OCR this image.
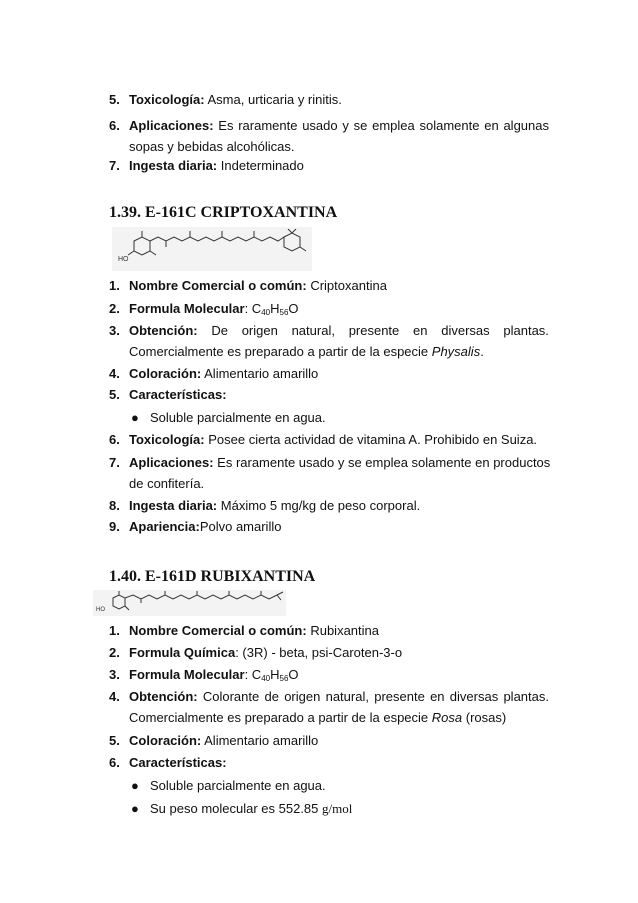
5. Toxicología: Asma, urticaria y rinitis.
6. Aplicaciones: Es raramente usado y se emplea solamente en algunas
sopas y bebidas alcohólicas.
7. Ingesta diaria: Indeterminado
1.39. E-161C CRIPTOXANTINA
HO
1. Nombre Comercial o común: Criptoxantina
2. Formula Molecular: $C_{40}H_{56}O$
3. Obtención: De origen natural, presente en diversas plantas.
Comercialmente es preparado a partir de la especie Physalis.
4. Coloración: Alimentario amarillo
5. Características:
● Soluble parcialmente en agua.
6. Toxicología: Posee cierta actividad de vitamina A. Prohibido en Suiza.
7. Aplicaciones: Es raramente usado y se emplea solamente en productos
de confitería.
8. Ingesta diaria: Máximo 5 mg/kg de peso corporal.
9. Apariencia:Polvo amarillo
1.40. E-161D RUBIXANTINA
HO
1. Nombre Comercial o común: Rubixantina
2. Formula Química: (3R) - beta, psi-Caroten-3-o
3. Formula Molecular: $C_{40}H_{56}O$
4. Obtención: Colorante de origen natural, presente en diversas plantas.
Comercialmente es preparado a partir de la especie Rosa (rosas)
5. Coloración: Alimentario amarillo
6. Características:
● Soluble parcialmente en agua.
● Su peso molecular es 552.85 g/mol
